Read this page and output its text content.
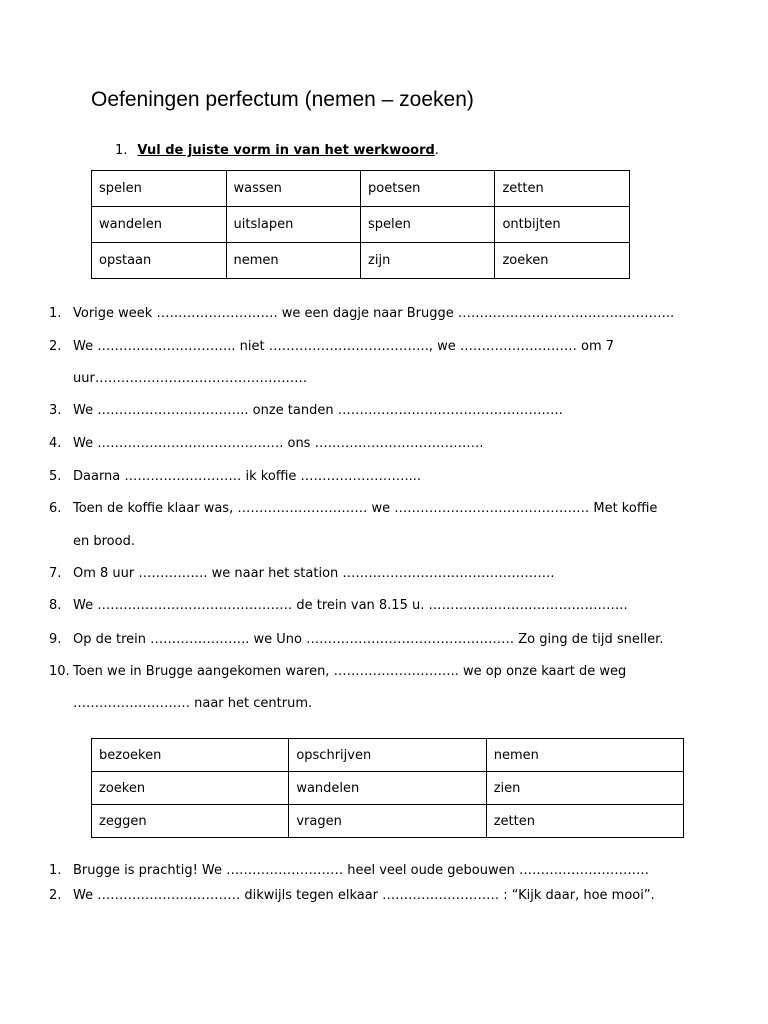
Oefeningen perfectum (nemen – zoeken)
1. Vul de juiste vorm in van het werkwoord.
spelen	wassen	poetsen	zetten
wandelen	uitslapen	spelen	ontbijten
opstaan	nemen	zijn	zoeken
1. Vorige week ………………………. we een dagje naar Brugge …………………………………………..
2. We ………………………….. niet ………………………………., we ……………………… om 7
uur………………………………………….
3. We …………………………….. onze tanden …………………………………………….
4. We ……………………………………. ons …………………………………
5. Daarna ……………………… ik koffie ……………………....
6. Toen de koffie klaar was, ………………………… we ……………………………………… Met koffie
en brood.
7. Om 8 uur ……………. we naar het station ………………………………………….
8. We ……………………………………… de trein van 8.15 u. ……………………………………….
9. Op de trein ………………….. we Uno ………………………………………… Zo ging de tijd sneller.
10. Toen we in Brugge aangekomen waren, ……………………….. we op onze kaart de weg
……………………… naar het centrum.
bezoeken	opschrijven	nemen
zoeken	wandelen	zien
zeggen	vragen	zetten
1. Brugge is prachtig! We ……………………… heel veel oude gebouwen …………………………
2. We …………………………… dikwijls tegen elkaar ……………………… : “Kijk daar, hoe mooi”.
